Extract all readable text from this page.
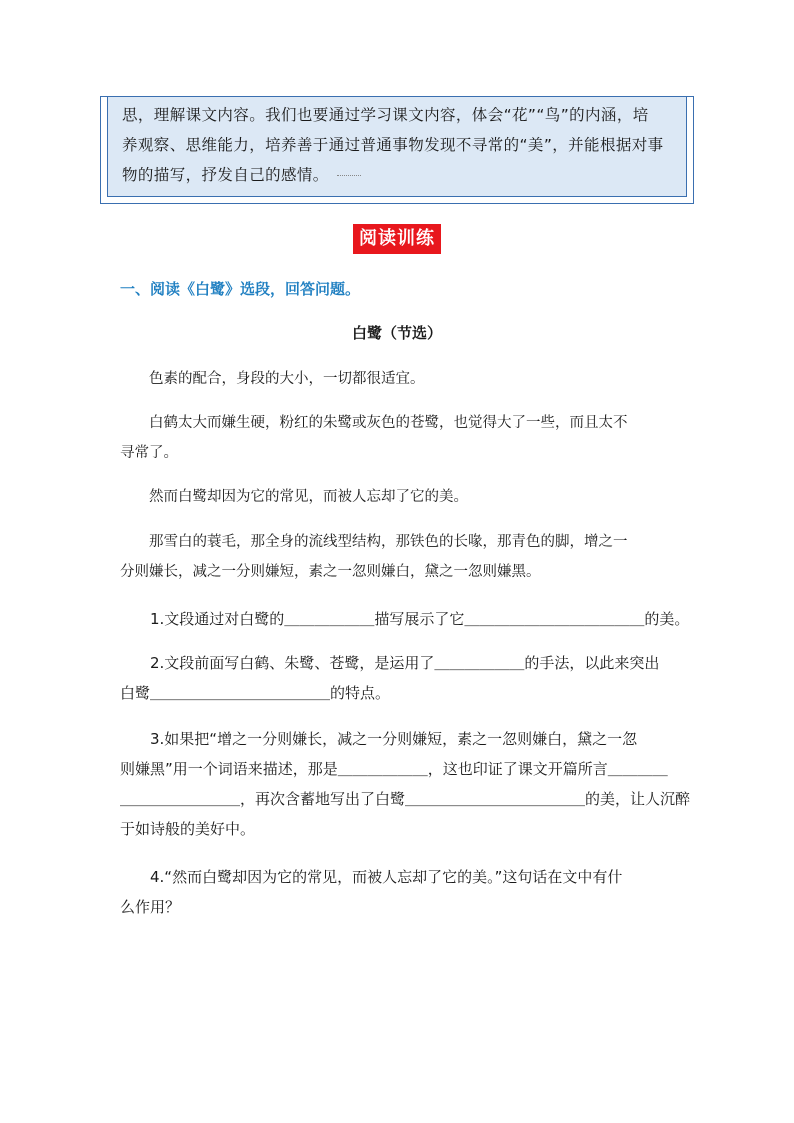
思，理解课文内容。我们也要通过学习课文内容，体会“花”“鸟”的内涵，培
养观察、思维能力，培养善于通过普通事物发现不寻常的“美”，并能根据对事
物的描写，抒发自己的感情。
阅读训练
一、阅读《白鹭》选段，回答问题。
白鹭（节选）

色素的配合，身段的大小，一切都很适宜。

白鹤太大而嫌生硬，粉红的朱鹭或灰色的苍鹭，也觉得大了一些，而且太不

寻常了。

然而白鹭却因为它的常见，而被人忘却了它的美。

那雪白的蓑毛，那全身的流线型结构，那铁色的长喙，那青色的脚，增之一

分则嫌长，减之一分则嫌短，素之一忽则嫌白，黛之一忽则嫌黑。

1.文段通过对白鹭的＿＿＿＿＿＿描写展示了它＿＿＿＿＿＿＿＿＿＿＿＿的美。

2.文段前面写白鹤、朱鹭、苍鹭，是运用了＿＿＿＿＿＿的手法，以此来突出

白鹭＿＿＿＿＿＿＿＿＿＿＿＿的特点。

3.如果把“增之一分则嫌长，减之一分则嫌短，素之一忽则嫌白，黛之一忽

则嫌黑”用一个词语来描述，那是＿＿＿＿＿＿，这也印证了课文开篇所言＿＿＿＿

＿＿＿＿＿＿＿＿，再次含蓄地写出了白鹭＿＿＿＿＿＿＿＿＿＿＿＿的美，让人沉醉

于如诗般的美好中。

4.“然而白鹭却因为它的常见，而被人忘却了它的美。”这句话在文中有什

么作用？
